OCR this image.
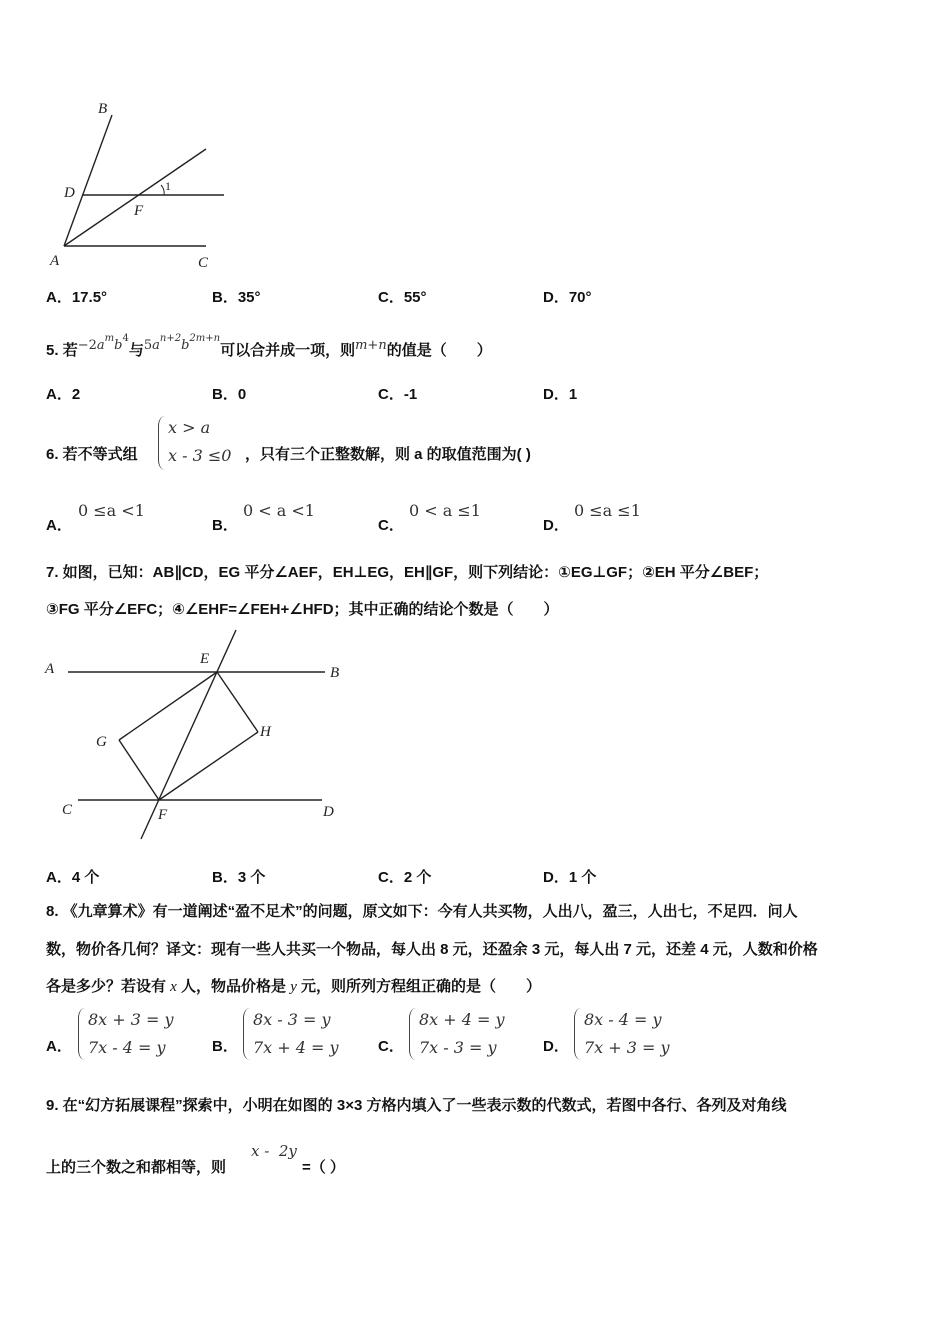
B
D	1
F
A	C
A．17.5°	B．35°	C．55°	D．70°
5. 若$-2a^mb^4$与$5a^{n+2}b^{2m+n}$可以合并成一项，则m+n的值是（　　）
A．2	B．0	C．-1	D．1
6. 若不等式组
x > a
x - 3 ≤0 ，只有三个正整数解，则 a 的取值范围为( )
A．
0 ≤a <1
B．
0 < a <1
C．
0 < a ≤1
D．
0 ≤a ≤1
7. 如图，已知：AB∥CD，EG 平分∠AEF，EH⊥EG，EH∥GF，则下列结论：①EG⊥GF；②EH 平分∠BEF；
③FG 平分∠EFC；④∠EHF=∠FEH+∠HFD；其中正确的结论个数是（　　）
A
E
B
G
H
C	F	D
A．4 个	B．3 个	C．2 个	D．1 个
8. 《九章算术》有一道阐述“盈不足术”的问题，原文如下：今有人共买物，人出八，盈三，人出七，不足四．问人
数，物价各几何？译文：现有一些人共买一个物品，每人出 8 元，还盈余 3 元，每人出 7 元，还差 4 元，人数和价格
各是多少？若设有 x 人，物品价格是 y 元，则所列方程组正确的是（　　）
A．
8x + 3 = y
7x - 4 = y	B．
8x - 3 = y
7x + 4 = y	C．
8x + 4 = y
7x - 3 = y	D．
8x - 4 = y
7x + 3 = y
9. 在“幻方拓展课程”探索中，小明在如图的 3×3 方格内填入了一些表示数的代数式，若图中各行、各列及对角线
上的三个数之和都相等，则
x -  2y
=（ ）
